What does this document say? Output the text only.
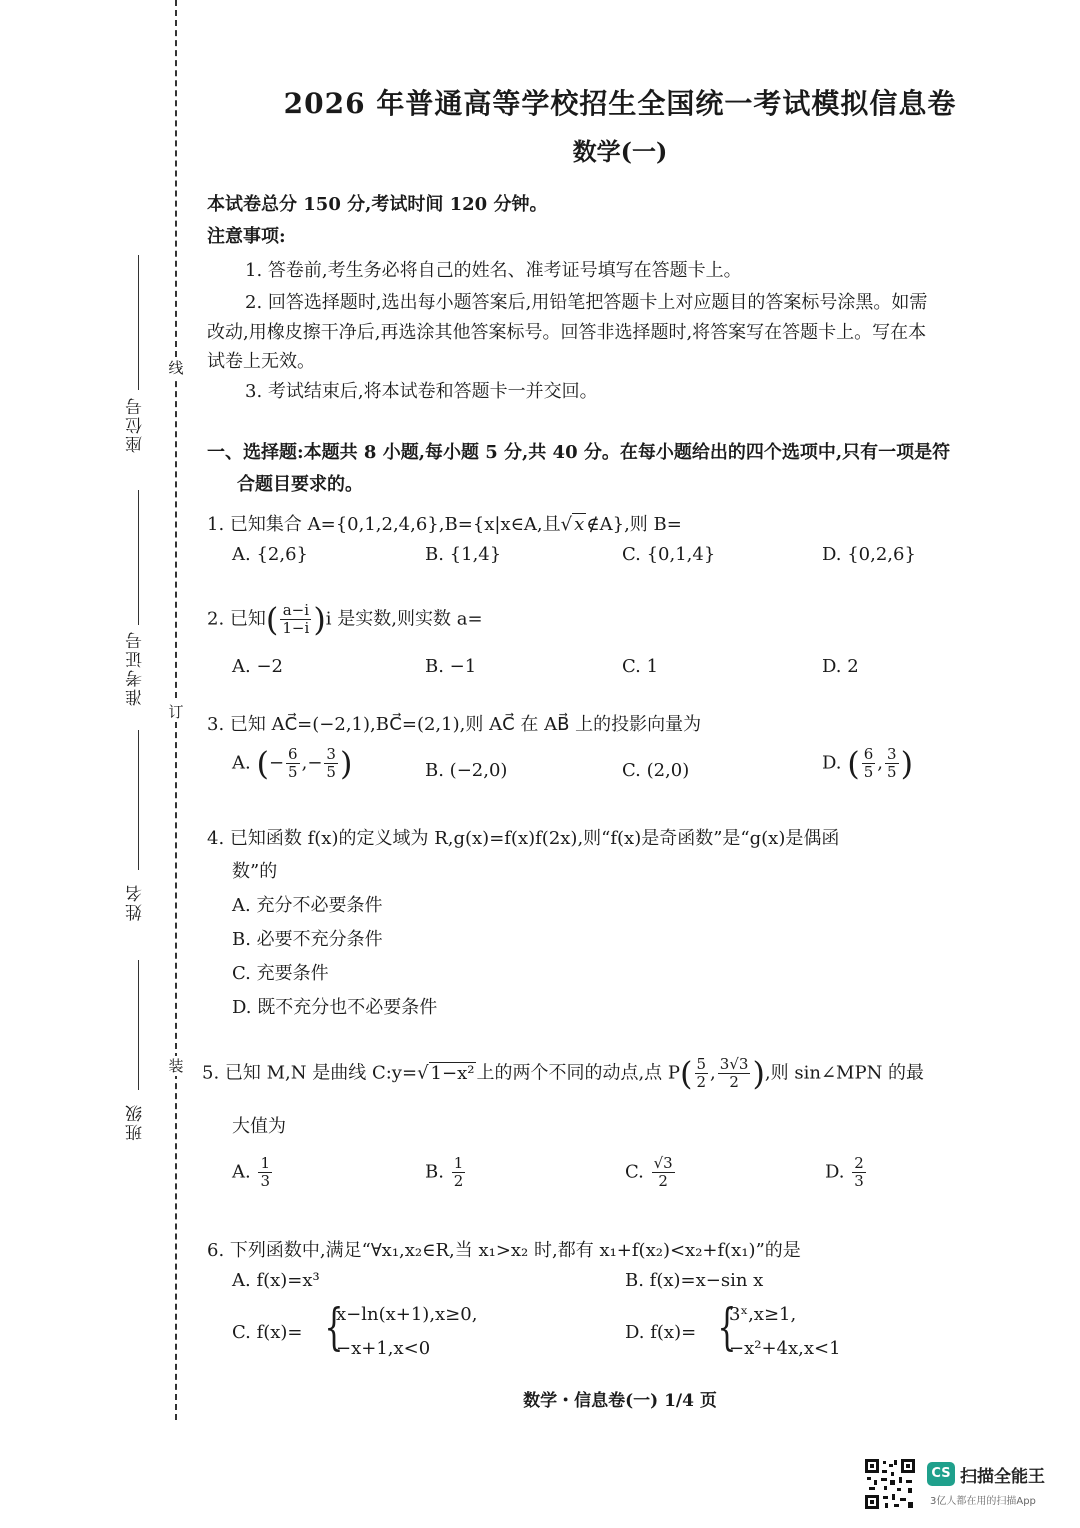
线
订
装
座位号
准考证号
姓名
班级
2026 年普通高等学校招生全国统一考试模拟信息卷
数学(一)
本试卷总分 150 分,考试时间 120 分钟。
注意事项:
1. 答卷前,考生务必将自己的姓名、准考证号填写在答题卡上。
2. 回答选择题时,选出每小题答案后,用铅笔把答题卡上对应题目的答案标号涂黑。如需
改动,用橡皮擦干净后,再选涂其他答案标号。回答非选择题时,将答案写在答题卡上。写在本
试卷上无效。
3. 考试结束后,将本试卷和答题卡一并交回。
一、选择题:本题共 8 小题,每小题 5 分,共 40 分。在每小题给出的四个选项中,只有一项是符
合题目要求的。
1. 已知集合 A={0,1,2,4,6},B={x|x∈A,且√ x ∉A},则 B=
A. {2,6}	B. {1,4}	C. {0,1,4}	D. {0,2,6}
2. 已知( $\frac{a-i}{1-i} )i$ 是实数,则实数 a=
A. −2	B. −1	C. 1	D. 2
3. 已知 AC⃗=(−2,1),BC⃗=(2,1),则 AC⃗ 在 AB⃗ 上的投影向量为
A. (− $\frac{6}{5}$ ,− $\frac{3}{5}$ )	B. (−2,0)	C. (2,0)	D. ( $\frac{6}{5}$ , $\frac{3}{5}$ )
4. 已知函数 f(x)的定义域为 R,g(x)=f(x)f(2x),则“f(x)是奇函数”是“g(x)是偶函
数”的
A. 充分不必要条件
B. 必要不充分条件
C. 充要条件
D. 既不充分也不必要条件
5. 已知 M,N 是曲线 C:y=√ 1−x² 上的两个不同的动点,点 $P( \frac{5}{2}$ , $\frac{3√3}{2}$ ),则 sin∠MPN 的最
大值为
A. $\frac{1}{3}$	B. $\frac{1}{2}$	C. $\frac{√3}{2}$	D. $\frac{2}{3}$
6. 下列函数中,满足“∀x₁,x₂∈R,当 x₁>x₂ 时,都有 x₁+f(x₂)<x₂+f(x₁)”的是
A. f(x)=x³	B. f(x)=x−sin x
C. f(x)= {
x−ln(x+1),x≥0,
−x+1,x<0
D. f(x)= {
3ˣ,x≥1,
−x²+4x,x<1
数学・信息卷(一) 1/4 页
CS 扫描全能王
3亿人都在用的扫描App
